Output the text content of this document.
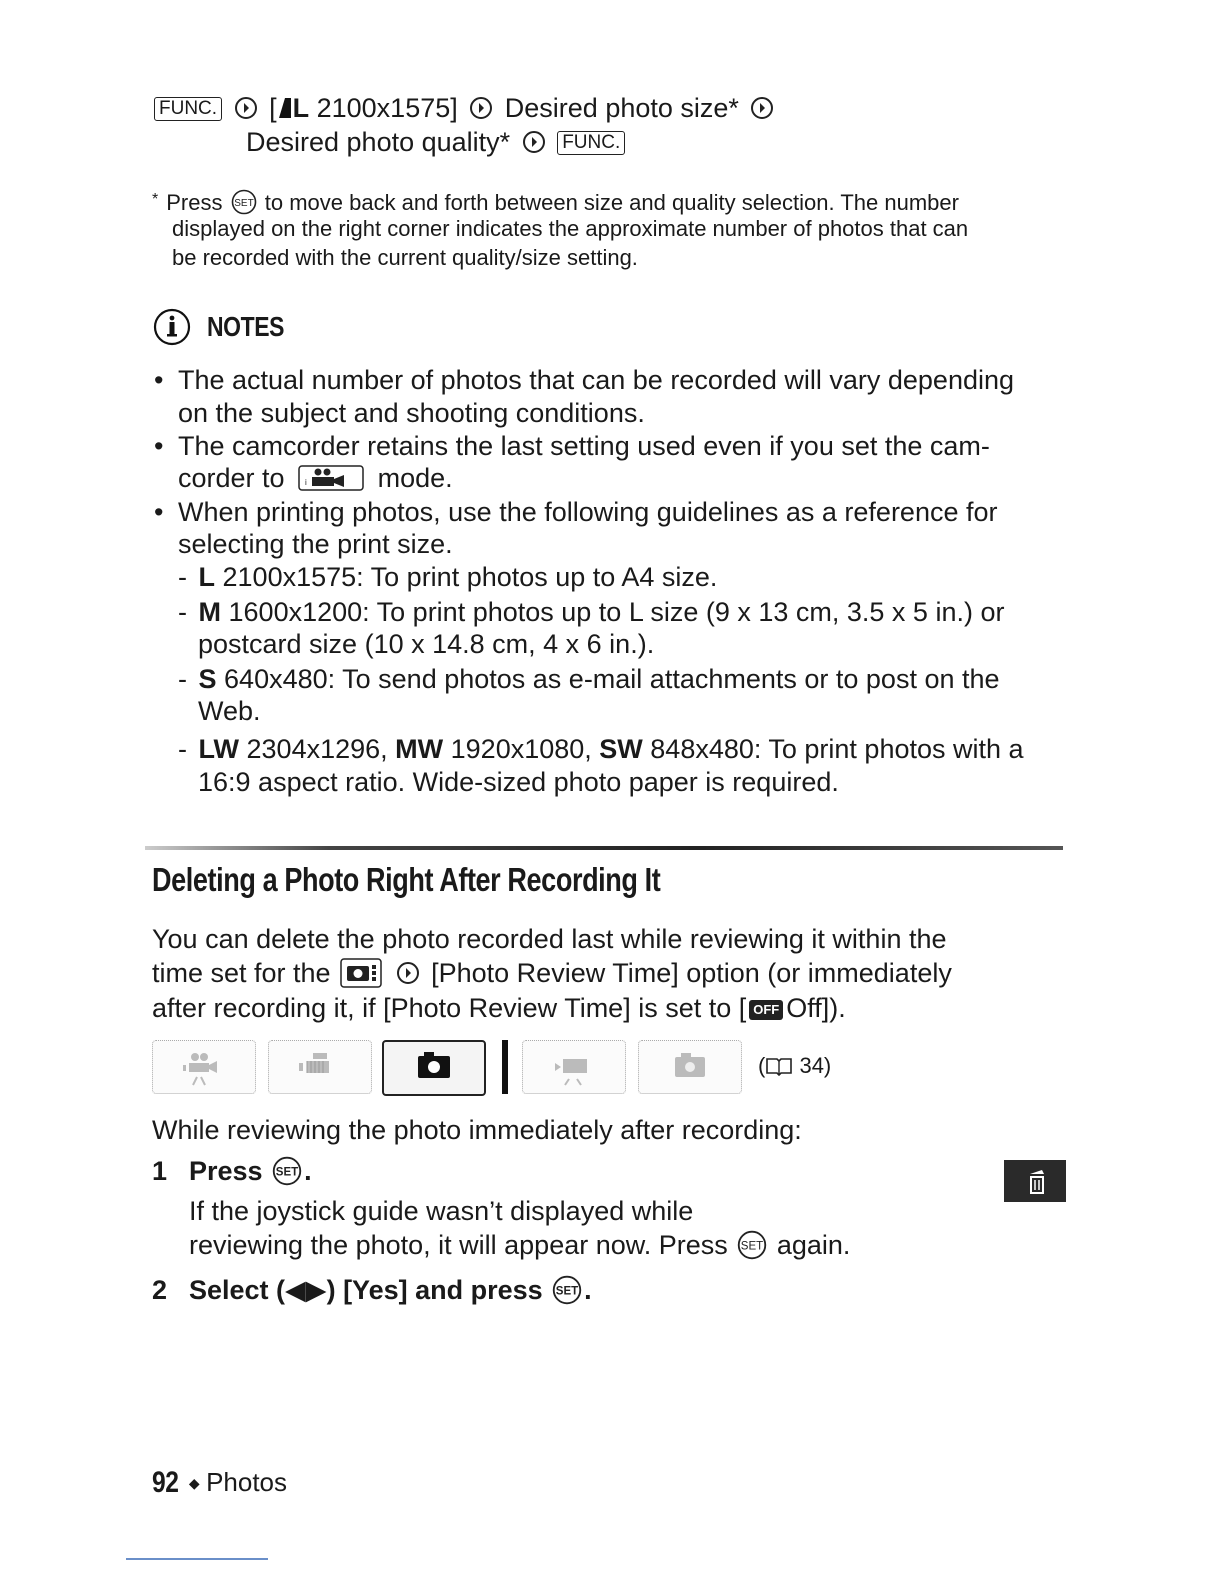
FUNC. [ L 2100x1575] Desired photo size*
Desired photo quality*	FUNC.
* Press SET to move back and forth between size and quality selection. The number
displayed on the right corner indicates the approximate number of photos that can
be recorded with the current quality/size setting.
NOTES
• The actual number of photos that can be recorded will vary depending
on the subject and shooting conditions.
• The camcorder retains the last setting used even if you set the cam-
corder to	i	mode.
• When printing photos, use the following guidelines as a reference for
selecting the print size.
- L 2100x1575: To print photos up to A4 size.
- M 1600x1200: To print photos up to L size (9 x 13 cm, 3.5 x 5 in.) or
postcard size (10 x 14.8 cm, 4 x 6 in.).
- S 640x480: To send photos as e-mail attachments or to post on the
Web.
- LW 2304x1296, MW 1920x1080, SW 848x480: To print photos with a
16:9 aspect ratio. Wide-sized photo paper is required.
Deleting a Photo Right After Recording It
You can delete the photo recorded last while reviewing it within the
time set for the	[Photo Review Time] option (or immediately
after recording it, if [Photo Review Time] is set to [ OFF Off]).
( 34)
While reviewing the photo immediately after recording:
1 Press SET .
If the joystick guide wasn’t displayed while
reviewing the photo, it will appear now. Press SET again.
2 Select (◀▶) [Yes] and press SET .
92 ◆ Photos
